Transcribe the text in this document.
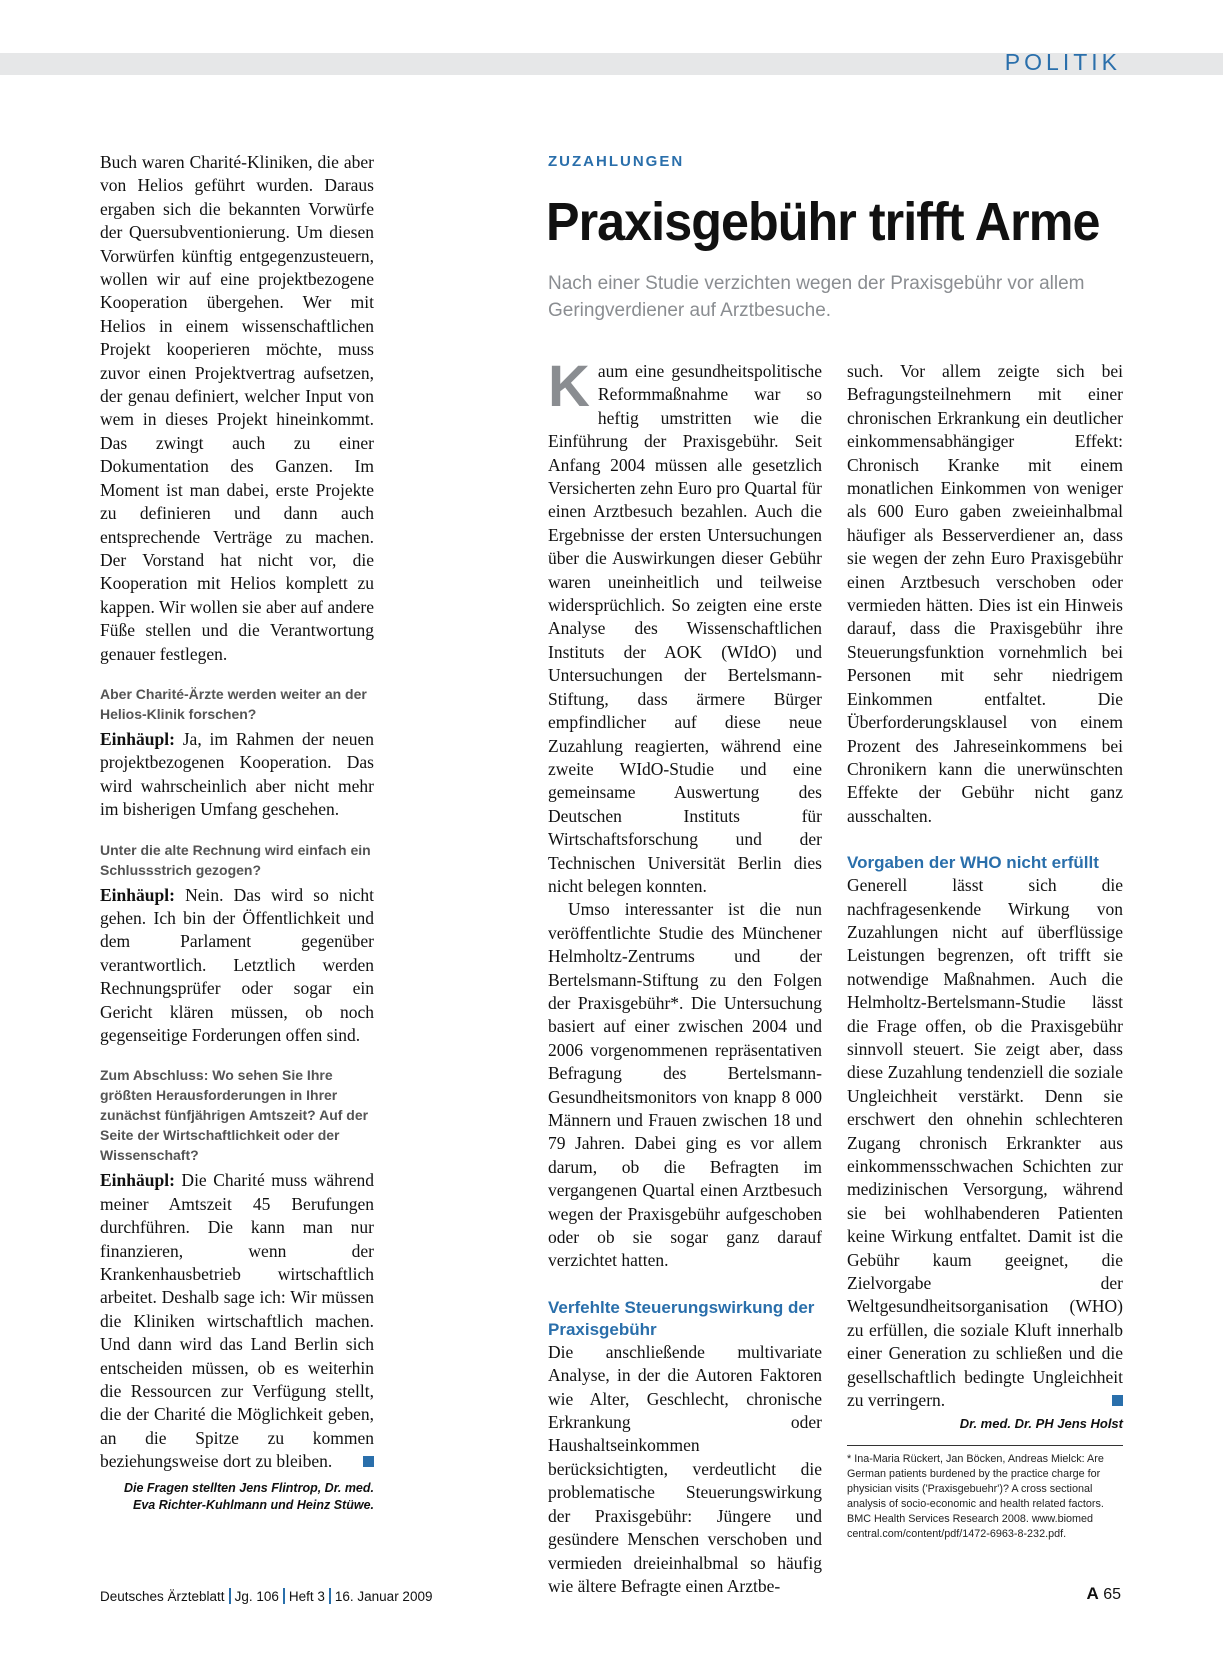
POLITIK

Buch waren Charité-Kliniken, die aber von Helios geführt wurden. Daraus ergaben sich die bekannten Vorwürfe der Quersubventionierung. Um diesen Vorwürfen künftig entgegenzusteuern, wollen wir auf eine projektbezogene Kooperation übergehen. Wer mit Helios in einem wissenschaftlichen Projekt kooperieren möchte, muss zuvor einen Projektvertrag aufsetzen, der genau definiert, welcher Input von wem in dieses Projekt hineinkommt. Das zwingt auch zu einer Dokumentation des Ganzen. Im Moment ist man dabei, erste Projekte zu definieren und dann auch entsprechende Verträge zu machen. Der Vorstand hat nicht vor, die Kooperation mit Helios komplett zu kappen. Wir wollen sie aber auf andere Füße stellen und die Verantwortung genauer festlegen.

Aber Charité-Ärzte werden weiter an der Helios-Klinik forschen?

Einhäupl: Ja, im Rahmen der neuen projektbezogenen Kooperation. Das wird wahrscheinlich aber nicht mehr im bisherigen Umfang geschehen.

Unter die alte Rechnung wird einfach ein Schlussstrich gezogen?

Einhäupl: Nein. Das wird so nicht gehen. Ich bin der Öffentlichkeit und dem Parlament gegenüber verantwortlich. Letztlich werden Rechnungsprüfer oder sogar ein Gericht klären müssen, ob noch gegenseitige Forderungen offen sind.

Zum Abschluss: Wo sehen Sie Ihre größten Herausforderungen in Ihrer zunächst fünfjährigen Amtszeit? Auf der Seite der Wirtschaftlichkeit oder der Wissenschaft?

Einhäupl: Die Charité muss während meiner Amtszeit 45 Berufungen durchführen. Die kann man nur finanzieren, wenn der Krankenhausbetrieb wirtschaftlich arbeitet. Deshalb sage ich: Wir müssen die Kliniken wirtschaftlich machen. Und dann wird das Land Berlin sich entscheiden müssen, ob es weiterhin die Ressourcen zur Verfügung stellt, die der Charité die Möglichkeit geben, an die Spitze zu kommen beziehungsweise dort zu bleiben.

Die Fragen stellten Jens Flintrop, Dr. med. Eva Richter-Kuhlmann und Heinz Stüwe.
ZUZAHLUNGEN
Praxisgebühr trifft Arme
Nach einer Studie verzichten wegen der Praxisgebühr vor allem Geringverdiener auf Arztbesuche.

Kaum eine gesundheitspolitische Reformmaßnahme war so heftig umstritten wie die Einführung der Praxisgebühr. Seit Anfang 2004 müssen alle gesetzlich Versicherten zehn Euro pro Quartal für einen Arztbesuch bezahlen. Auch die Ergebnisse der ersten Untersuchungen über die Auswirkungen dieser Gebühr waren uneinheitlich und teilweise widersprüchlich. So zeigten eine erste Analyse des Wissenschaftlichen Instituts der AOK (WIdO) und Untersuchungen der Bertelsmann-Stiftung, dass ärmere Bürger empfindlicher auf diese neue Zuzahlung reagierten, während eine zweite WIdO-Studie und eine gemeinsame Auswertung des Deutschen Instituts für Wirtschaftsforschung und der Technischen Universität Berlin dies nicht belegen konnten.

Umso interessanter ist die nun veröffentlichte Studie des Münchener Helmholtz-Zentrums und der Bertelsmann-Stiftung zu den Folgen der Praxisgebühr*. Die Untersuchung basiert auf einer zwischen 2004 und 2006 vorgenommenen repräsentativen Befragung des Bertelsmann-Gesundheitsmonitors von knapp 8 000 Männern und Frauen zwischen 18 und 79 Jahren. Dabei ging es vor allem darum, ob die Befragten im vergangenen Quartal einen Arztbesuch wegen der Praxisgebühr aufgeschoben oder ob sie sogar ganz darauf verzichtet hatten.

Verfehlte Steuerungswirkung der Praxisgebühr

Die anschließende multivariate Analyse, in der die Autoren Faktoren wie Alter, Geschlecht, chronische Erkrankung oder Haushaltseinkommen berücksichtigten, verdeutlicht die problematische Steuerungswirkung der Praxisgebühr: Jüngere und gesündere Menschen verschoben und vermieden dreieinhalbmal so häufig wie ältere Befragte einen Arztbe-

such. Vor allem zeigte sich bei Befragungsteilnehmern mit einer chronischen Erkrankung ein deutlicher einkommensabhängiger Effekt: Chronisch Kranke mit einem monatlichen Einkommen von weniger als 600 Euro gaben zweieinhalbmal häufiger als Besserverdiener an, dass sie wegen der zehn Euro Praxisgebühr einen Arztbesuch verschoben oder vermieden hätten. Dies ist ein Hinweis darauf, dass die Praxisgebühr ihre Steuerungsfunktion vornehmlich bei Personen mit sehr niedrigem Einkommen entfaltet. Die Überforderungsklausel von einem Prozent des Jahreseinkommens bei Chronikern kann die unerwünschten Effekte der Gebühr nicht ganz ausschalten.

Vorgaben der WHO nicht erfüllt

Generell lässt sich die nachfragesenkende Wirkung von Zuzahlungen nicht auf überflüssige Leistungen begrenzen, oft trifft sie notwendige Maßnahmen. Auch die Helmholtz-Bertelsmann-Studie lässt die Frage offen, ob die Praxisgebühr sinnvoll steuert. Sie zeigt aber, dass diese Zuzahlung tendenziell die soziale Ungleichheit verstärkt. Denn sie erschwert den ohnehin schlechteren Zugang chronisch Erkrankter aus einkommensschwachen Schichten zur medizinischen Versorgung, während sie bei wohlhabenderen Patienten keine Wirkung entfaltet. Damit ist die Gebühr kaum geeignet, die Zielvorgabe der Weltgesundheitsorganisation (WHO) zu erfüllen, die soziale Kluft innerhalb einer Generation zu schließen und die gesellschaftlich bedingte Ungleichheit zu verringern.

Dr. med. Dr. PH Jens Holst
* Ina-Maria Rückert, Jan Böcken, Andreas Mielck: Are German patients burdened by the practice charge for physician visits ('Praxisgebuehr')? A cross sectional analysis of socio-economic and health related factors. BMC Health Services Research 2008. www.biomed central.com/content/pdf/1472-6963-8-232.pdf.
Deutsches Ärzteblatt Jg. 106 Heft 3 16. Januar 2009	A 65
